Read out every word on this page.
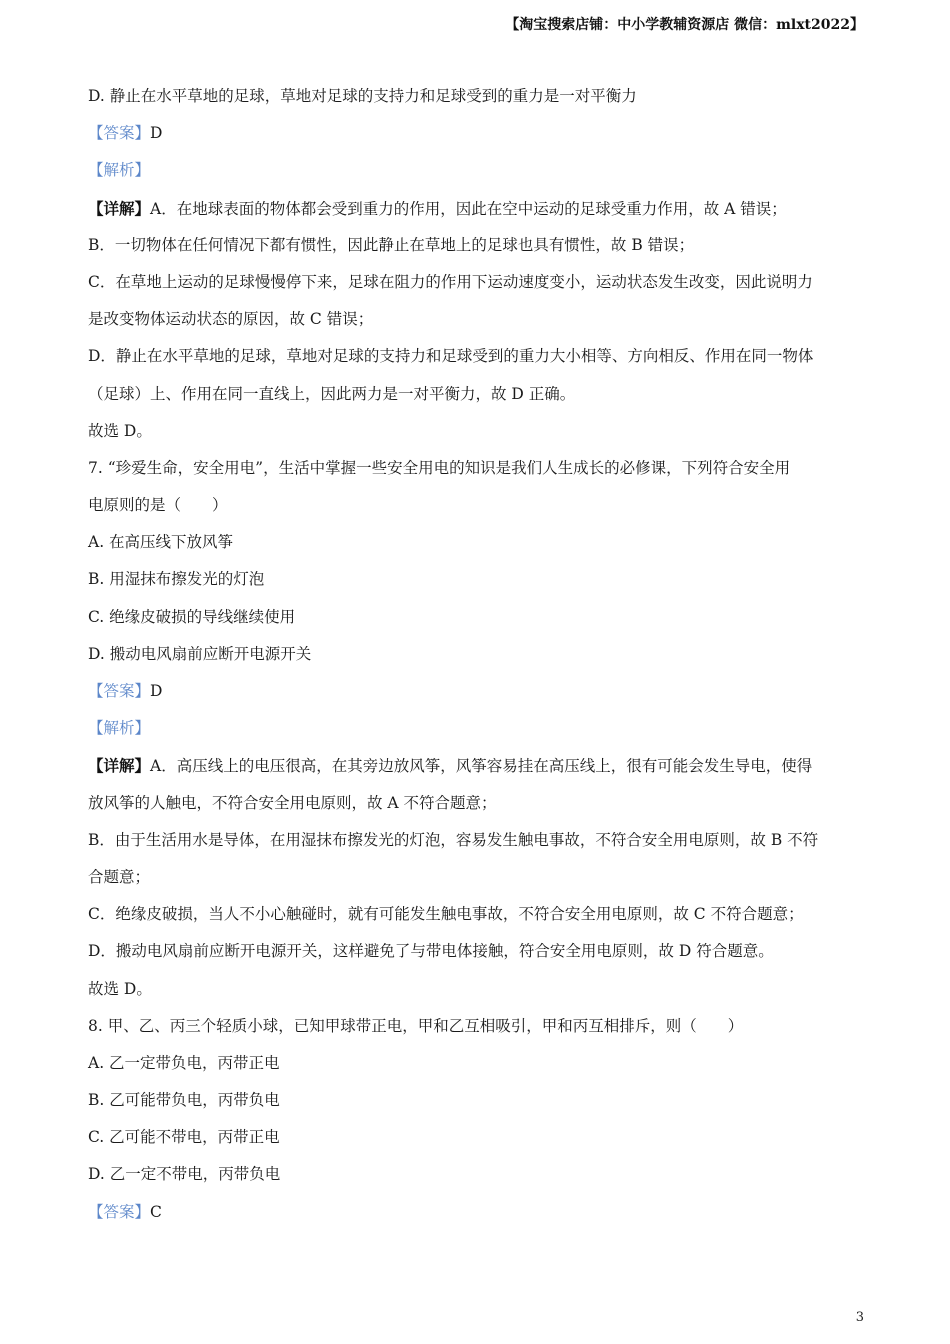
【淘宝搜索店铺：中小学教辅资源店 微信：mlxt2022】
D. 静止在水平草地的足球，草地对足球的支持力和足球受到的重力是一对平衡力
【答案】D
【解析】
【详解】A．在地球表面的物体都会受到重力的作用，因此在空中运动的足球受重力作用，故 A 错误；
B．一切物体在任何情况下都有惯性，因此静止在草地上的足球也具有惯性，故 B 错误；
C．在草地上运动的足球慢慢停下来，足球在阻力的作用下运动速度变小，运动状态发生改变，因此说明力
是改变物体运动状态的原因，故 C 错误；
D．静止在水平草地的足球，草地对足球的支持力和足球受到的重力大小相等、方向相反、作用在同一物体
（足球）上、作用在同一直线上，因此两力是一对平衡力，故 D 正确。
故选 D。
7. “珍爱生命，安全用电”，生活中掌握一些安全用电的知识是我们人生成长的必修课，下列符合安全用
电原则的是（　　）
A. 在高压线下放风筝
B. 用湿抹布擦发光的灯泡
C. 绝缘皮破损的导线继续使用
D. 搬动电风扇前应断开电源开关
【答案】D
【解析】
【详解】A．高压线上的电压很高，在其旁边放风筝，风筝容易挂在高压线上，很有可能会发生导电，使得
放风筝的人触电，不符合安全用电原则，故 A 不符合题意；
B．由于生活用水是导体，在用湿抹布擦发光的灯泡，容易发生触电事故，不符合安全用电原则，故 B 不符
合题意；
C．绝缘皮破损，当人不小心触碰时，就有可能发生触电事故，不符合安全用电原则，故 C 不符合题意；
D．搬动电风扇前应断开电源开关，这样避免了与带电体接触，符合安全用电原则，故 D 符合题意。
故选 D。
8. 甲、乙、丙三个轻质小球，已知甲球带正电，甲和乙互相吸引，甲和丙互相排斥，则（　　）
A. 乙一定带负电，丙带正电
B. 乙可能带负电，丙带负电
C. 乙可能不带电，丙带正电
D. 乙一定不带电，丙带负电
【答案】C
3
